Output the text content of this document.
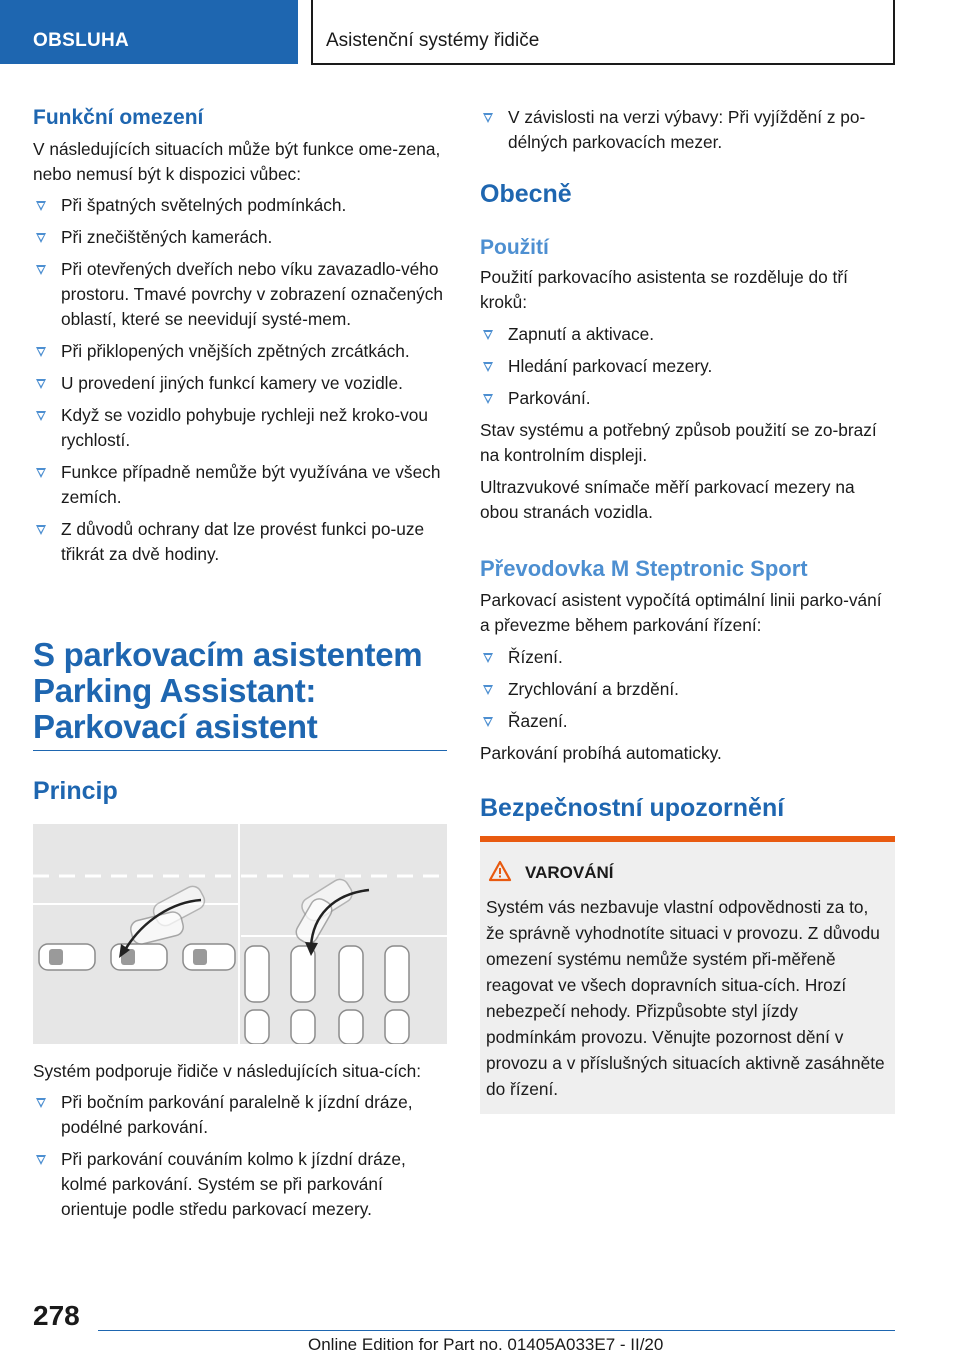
OBSLUHA	Asistenční systémy řidiče
Funkční omezení

V následujících situacích může být funkce ome-zena, nebo nemusí být k dispozici vůbec:

Při špatných světelných podmínkách.
Při znečištěných kamerách.
Při otevřených dveřích nebo víku zavazadlo-vého prostoru. Tmavé povrchy v zobrazení označených oblastí, které se neevidují systé-mem.
Při přiklopených vnějších zpětných zrcátkách.
U provedení jiných funkcí kamery ve vozidle.
Když se vozidlo pohybuje rychleji než kroko-vou rychlostí.
Funkce případně nemůže být využívána ve všech zemích.
Z důvodů ochrany dat lze provést funkci po-uze třikrát za dvě hodiny.
S parkovacím asistentem
Parking Assistant:
Parkovací asistent
Princip

Systém podporuje řidiče v následujících situa-cích:

Při bočním parkování paralelně k jízdní dráze, podélné parkování.
Při parkování couváním kolmo k jízdní dráze, kolmé parkování. Systém se při parkování orientuje podle středu parkovací mezery.
V závislosti na verzi výbavy: Při vyjíždění z po-délných parkovacích mezer.
Obecně
Použití

Použití parkovacího asistenta se rozděluje do tří kroků:

Zapnutí a aktivace.
Hledání parkovací mezery.
Parkování.

Stav systému a potřebný způsob použití se zo-brazí na kontrolním displeji.

Ultrazvukové snímače měří parkovací mezery na obou stranách vozidla.

Převodovka M Steptronic Sport

Parkovací asistent vypočítá optimální linii parko-vání a převezme během parkování řízení:

Řízení.
Zrychlování a brzdění.
Řazení.

Parkování probíhá automaticky.

Bezpečnostní upozornění
VAROVÁNÍ

Systém vás nezbavuje vlastní odpovědnosti za to, že správně vyhodnotíte situaci v provozu. Z důvodu omezení systému nemůže systém při-měřeně reagovat ve všech dopravních situa-cích. Hrozí nebezpečí nehody. Přizpůsobte styl jízdy podmínkám provozu. Věnujte pozornost dění v provozu a v příslušných situacích aktivně zasáhněte do řízení.

278
Online Edition for Part no. 01405A033E7 - II/20
